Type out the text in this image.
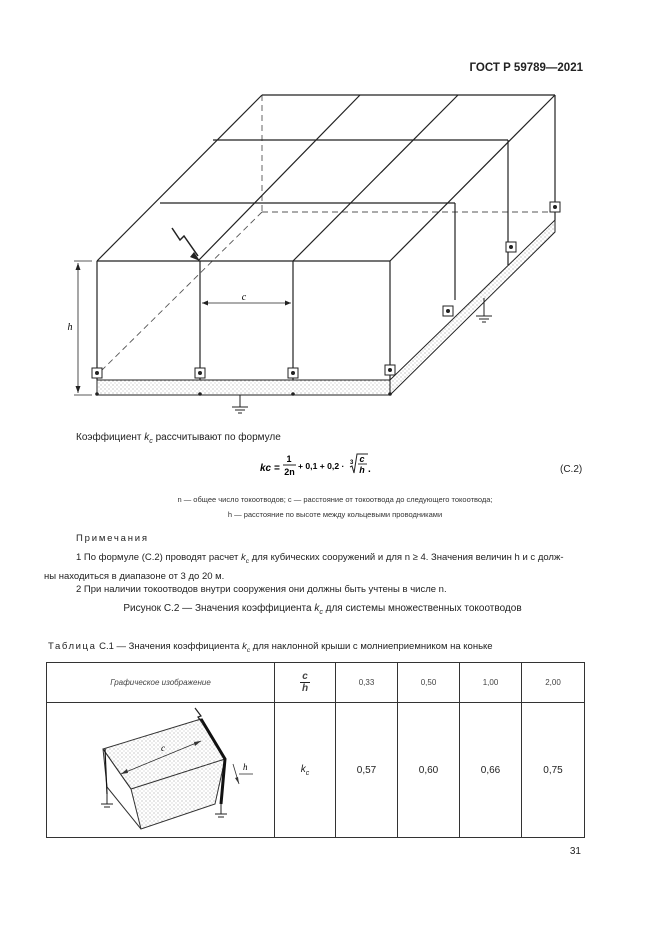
ГОСТ Р 59789—2021
c
h
Коэффициент $k_c$ рассчитывают по формуле
kc =
1
2n
+ 0,1 + 0,2 · 3 c
h .	(С.2)
n — общее число токоотводов; c — расстояние от токоотвода до следующего токоотвода;
h — расстояние по высоте между кольцевыми проводниками
Примечания
1 По формуле (С.2) проводят расчет $k_c$ для кубических сооружений и для n ≥ 4. Значения величин h и c долж-
ны находиться в диапазоне от 3 до 20 м.
2 При наличии токоотводов внутри сооружения они должны быть учтены в числе n.
Рисунок С.2 — Значения коэффициента $k_c$ для системы множественных токоотводов
Таблица С.1 — Значения коэффициента $k_c$ для наклонной крыши с молниеприемником на коньке
Графическое изображение	$\frac{c}{h}$	0,33	0,50	1,00	2,00

c
h	$k_c$	0,57	0,60	0,66	0,75
31
